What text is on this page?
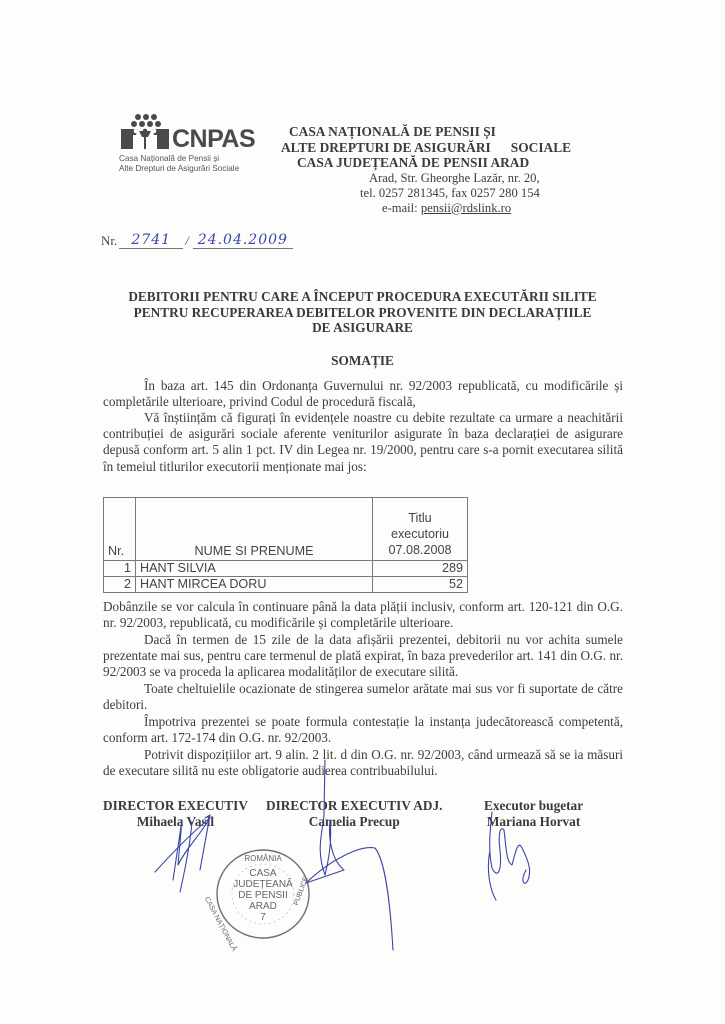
CNPAS
Casa Națională de Pensii și
Alte Drepturi de Asigurări Sociale
CASA NAȚIONALĂ DE PENSII ȘI
ALTE DREPTURI DE ASIGURĂRI      SOCIALE
CASA JUDEȚEANĂ DE PENSII ARAD
Arad, Str. Gheorghe Lazăr, nr. 20,
tel. 0257 281345, fax 0257 280 154
e-mail: pensii@rdslink.ro
Nr.	2741	/ 24.04.2009
DEBITORII PENTRU CARE A ÎNCEPUT PROCEDURA EXECUTĂRII SILITE
PENTRU RECUPERAREA DEBITELOR PROVENITE DIN DECLARAȚIILE
DE ASIGURARE
SOMAȚIE
În baza art. 145 din Ordonanța Guvernului nr. 92/2003 republicată, cu modificările și completările ulterioare, privind Codul de procedură fiscală,
Vă înștiințăm că figurați în evidențele noastre cu debite rezultate ca urmare a neachitării contribuției de asigurări sociale aferente veniturilor asigurate în baza declarației de asigurare depusă conform art. 5 alin 1 pct. IV din Legea nr. 19/2000, pentru care s-a pornit executarea silită în temeiul titlurilor executorii menționate mai jos:
Nr.	NUME SI PRENUME	Titlu
executoriu
07.08.2008

1	HANT SILVIA	289
2	HANT MIRCEA DORU	52
Dobânzile se vor calcula în continuare până la data plății inclusiv, conform art. 120-121 din O.G. nr. 92/2003, republicată, cu modificările și completările ulterioare.
Dacă în termen de 15 zile de la data afișării prezentei, debitorii nu vor achita sumele prezentate mai sus, pentru care termenul de plată expirat, în baza prevederilor art. 141 din O.G. nr. 92/2003 se va proceda la aplicarea modalităților de executare silită.
Toate cheltuielile ocazionate de stingerea sumelor arătate mai sus vor fi suportate de către debitori.
Împotriva prezentei se poate formula contestație la instanța judecătorească competentă, conform art. 172-174 din O.G. nr. 92/2003.
Potrivit dispozițiilor art. 9 alin. 2 lit. d din O.G. nr. 92/2003, când urmează să se ia măsuri de executare silită nu este obligatorie audierea contribuabilului.
DIRECTOR EXECUTIV
Mihaela Vasil
DIRECTOR EXECUTIV ADJ.
Camelia Precup
Executor bugetar
Mariana Horvat
ROMÂNIA
CASA
JUDEȚEANĂ
DE PENSII
ARAD
7
CASA NAȚIONALĂ
PUBLICE
